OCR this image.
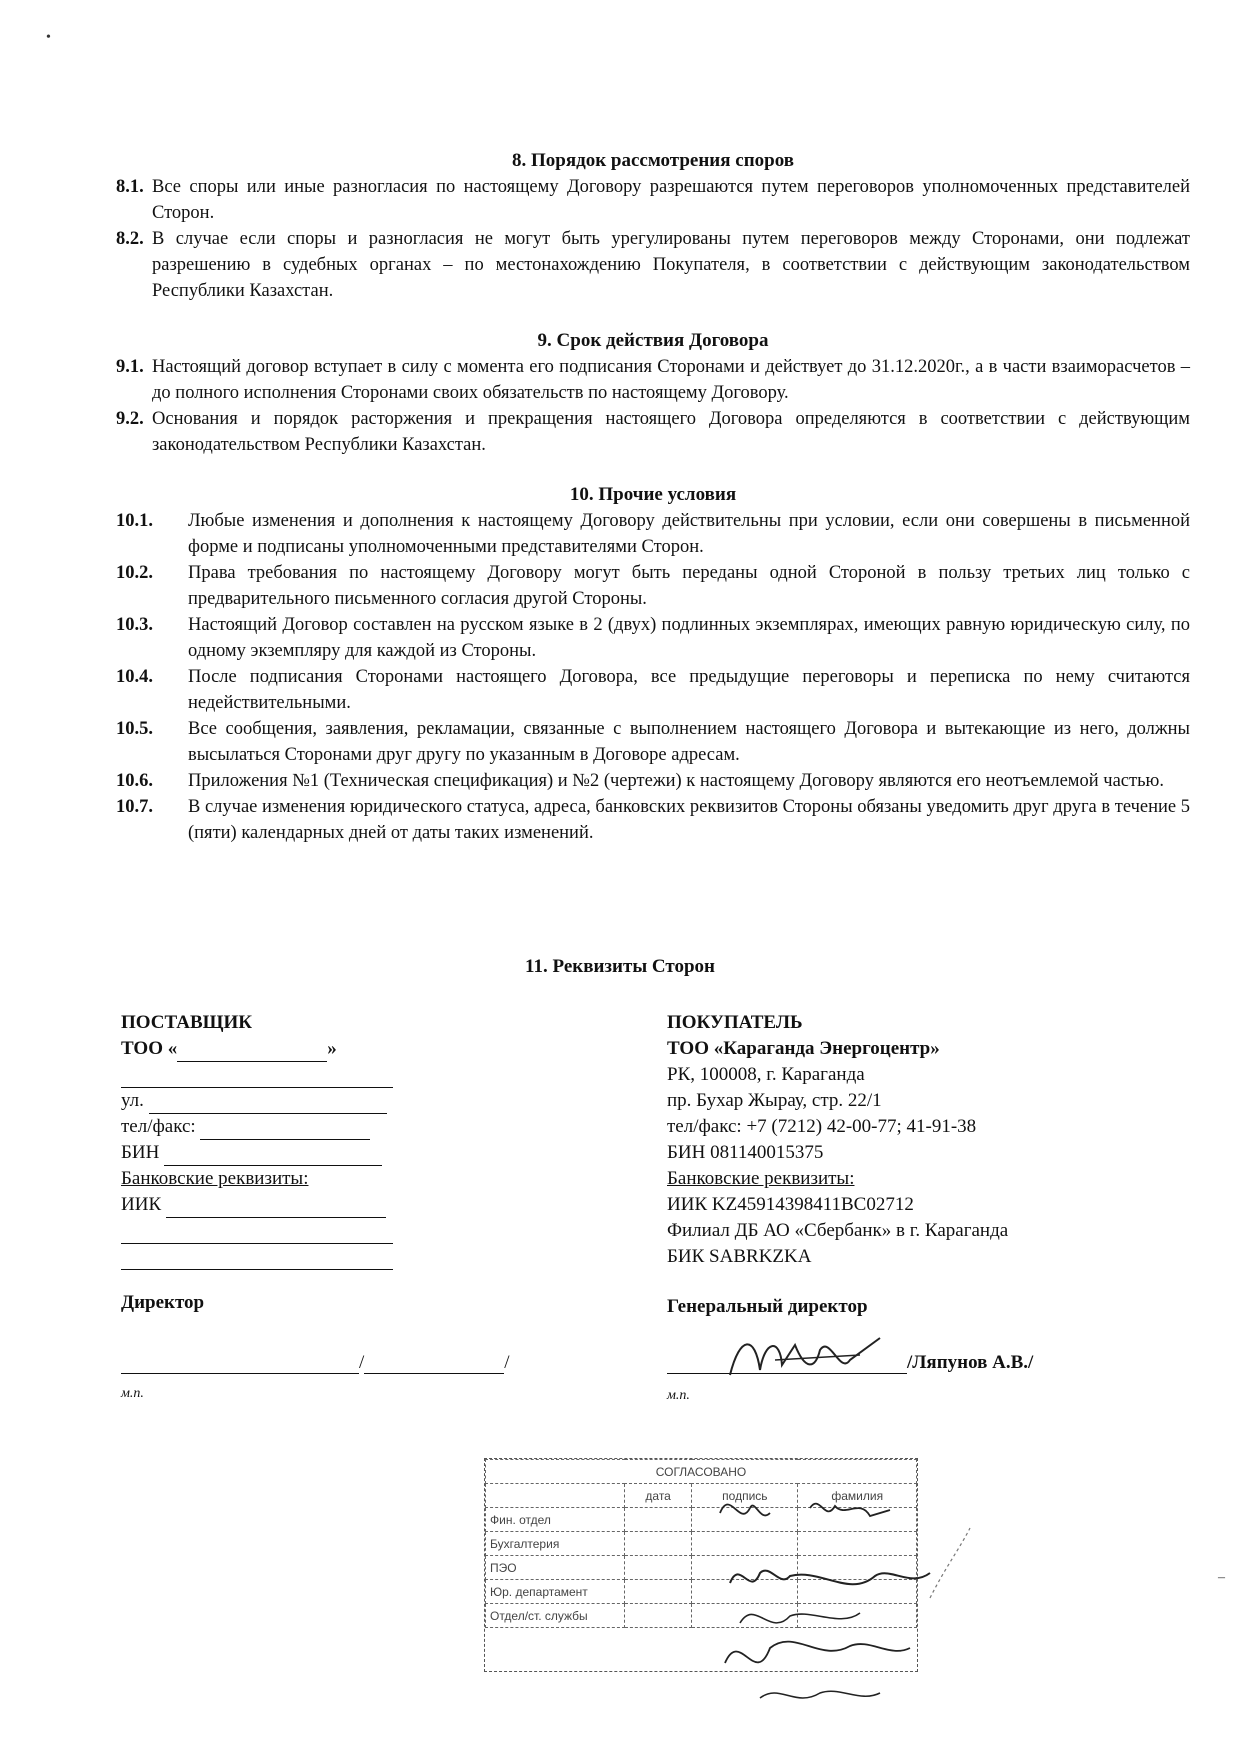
8. Порядок рассмотрения споров
8.1. Все споры или иные разногласия по настоящему Договору разрешаются путем переговоров уполномоченных представителей Сторон.
8.2. В случае если споры и разногласия не могут быть урегулированы путем переговоров между Сторонами, они подлежат разрешению в судебных органах – по местонахождению Покупателя, в соответствии с действующим законодательством Республики Казахстан.
9. Срок действия Договора
9.1. Настоящий договор вступает в силу с момента его подписания Сторонами и действует до 31.12.2020г., а в части взаиморасчетов – до полного исполнения Сторонами своих обязательств по настоящему Договору.
9.2. Основания и порядок расторжения и прекращения настоящего Договора определяются в соответствии с действующим законодательством Республики Казахстан.
10. Прочие условия
10.1.	Любые изменения и дополнения к настоящему Договору действительны при условии, если они совершены в письменной форме и подписаны уполномоченными представителями Сторон.
10.2.	Права требования по настоящему Договору могут быть переданы одной Стороной в пользу третьих лиц только с предварительного письменного согласия другой Стороны.
10.3.	Настоящий Договор составлен на русском языке в 2 (двух) подлинных экземплярах, имеющих равную юридическую силу, по одному экземпляру для каждой из Стороны.
10.4.	После подписания Сторонами настоящего Договора, все предыдущие переговоры и переписка по нему считаются недействительными.
10.5.	Все сообщения, заявления, рекламации, связанные с выполнением настоящего Договора и вытекающие из него, должны высылаться Сторонами друг другу по указанным в Договоре адресам.
10.6.	Приложения №1 (Техническая спецификация) и №2 (чертежи) к настоящему Договору являются его неотъемлемой частью.
10.7.	В случае изменения юридического статуса, адреса, банковских реквизитов Стороны обязаны уведомить друг друга в течение 5 (пяти) календарных дней от даты таких изменений.
11. Реквизиты Сторон
ПОСТАВЩИК
ТОО «	»
ул.
тел/факс:
БИН
Банковские реквизиты:
ИИК
ПОКУПАТЕЛЬ
ТОО «Караганда Энергоцентр»
РК, 100008, г. Караганда
пр. Бухар Жырау, стр. 22/1
тел/факс: +7 (7212) 42-00-77; 41-91-38
БИН 081140015375
Банковские реквизиты:
ИИК KZ45914398411BC02712
Филиал ДБ АО «Сбербанк» в г. Караганда
БИК SABRKZKA
Директор
/	/
м.п.
Генеральный директор
/Ляпунов А.В./
м.п.
СОГЛАСОВАНО			
	дата	подпись	фамилия
Фин. отдел			
Бухгалтерия			
ПЭО			
Юр. департамент			
Отдел/ст. службы			
•
–
